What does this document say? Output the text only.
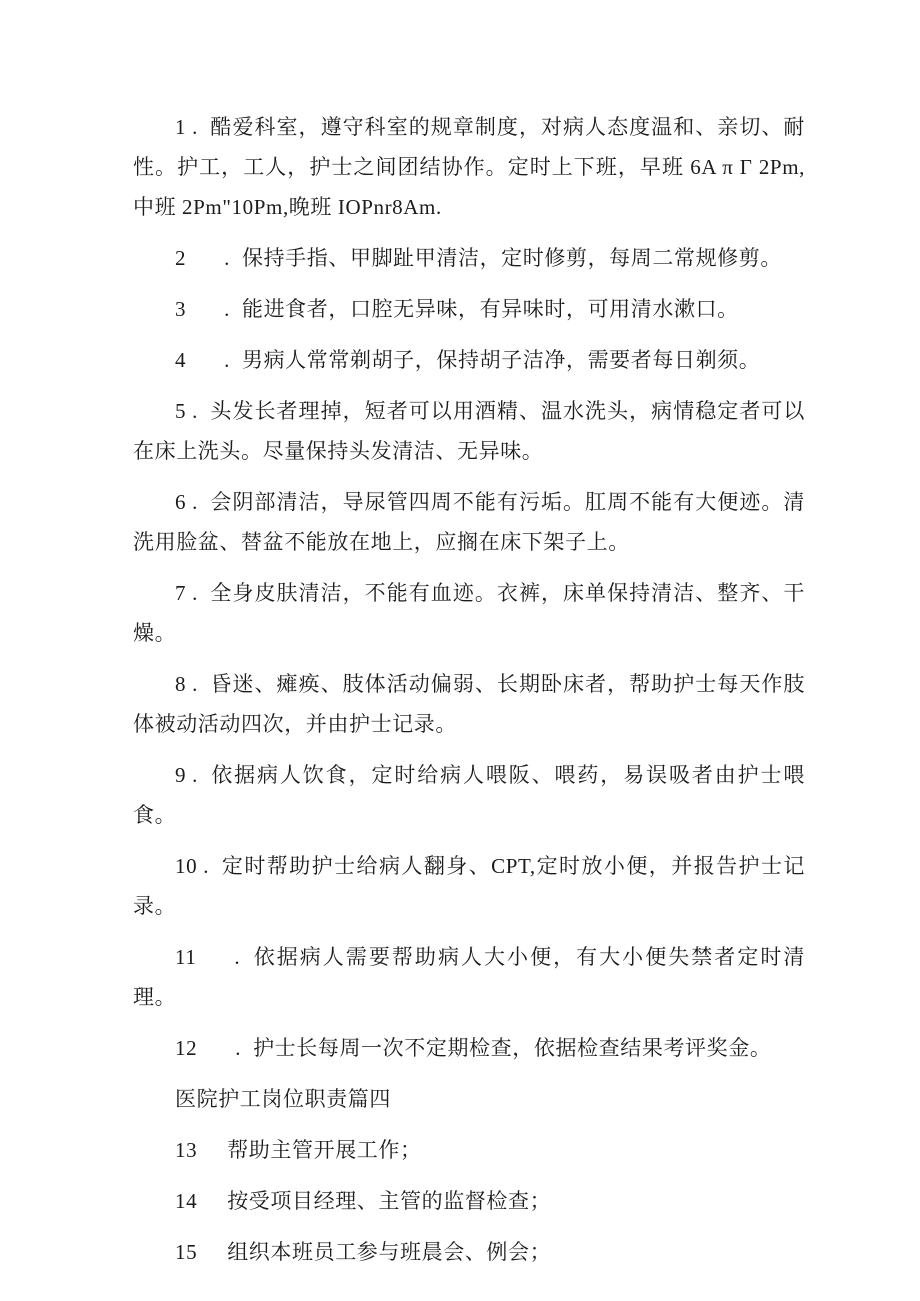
1 . 酷爱科室，遵守科室的规章制度，对病人态度温和、亲切、耐性。护工，工人，护士之间团结协作。定时上下班，早班 6A π Γ 2Pm,中班 2Pm"10Pm,晚班 IOPnr8Am.

2 . 保持手指、甲脚趾甲清洁，定时修剪，每周二常规修剪。

3 . 能进食者，口腔无异味，有异味时，可用清水漱口。

4 . 男病人常常剃胡子，保持胡子洁净，需要者每日剃须。

5 . 头发长者理掉，短者可以用酒精、温水洗头，病情稳定者可以在床上洗头。尽量保持头发清洁、无异味。

6 . 会阴部清洁，导尿管四周不能有污垢。肛周不能有大便迹。清洗用脸盆、替盆不能放在地上，应搁在床下架子上。

7 . 全身皮肤清洁，不能有血迹。衣裤，床单保持清洁、整齐、干燥。

8 . 昏迷、瘫痪、肢体活动偏弱、长期卧床者，帮助护士每天作肢体被动活动四次，并由护士记录。

9 . 依据病人饮食，定时给病人喂阪、喂药，易误吸者由护士喂食。

10 . 定时帮助护士给病人翻身、CPT,定时放小便，并报告护士记录。

11 . 依据病人需要帮助病人大小便，有大小便失禁者定时清理。

12 . 护士长每周一次不定期检查，依据检查结果考评奖金。

医院护工岗位职责篇四

13 帮助主管开展工作；

14 按受项目经理、主管的监督检查；

15 组织本班员工参与班晨会、例会；
